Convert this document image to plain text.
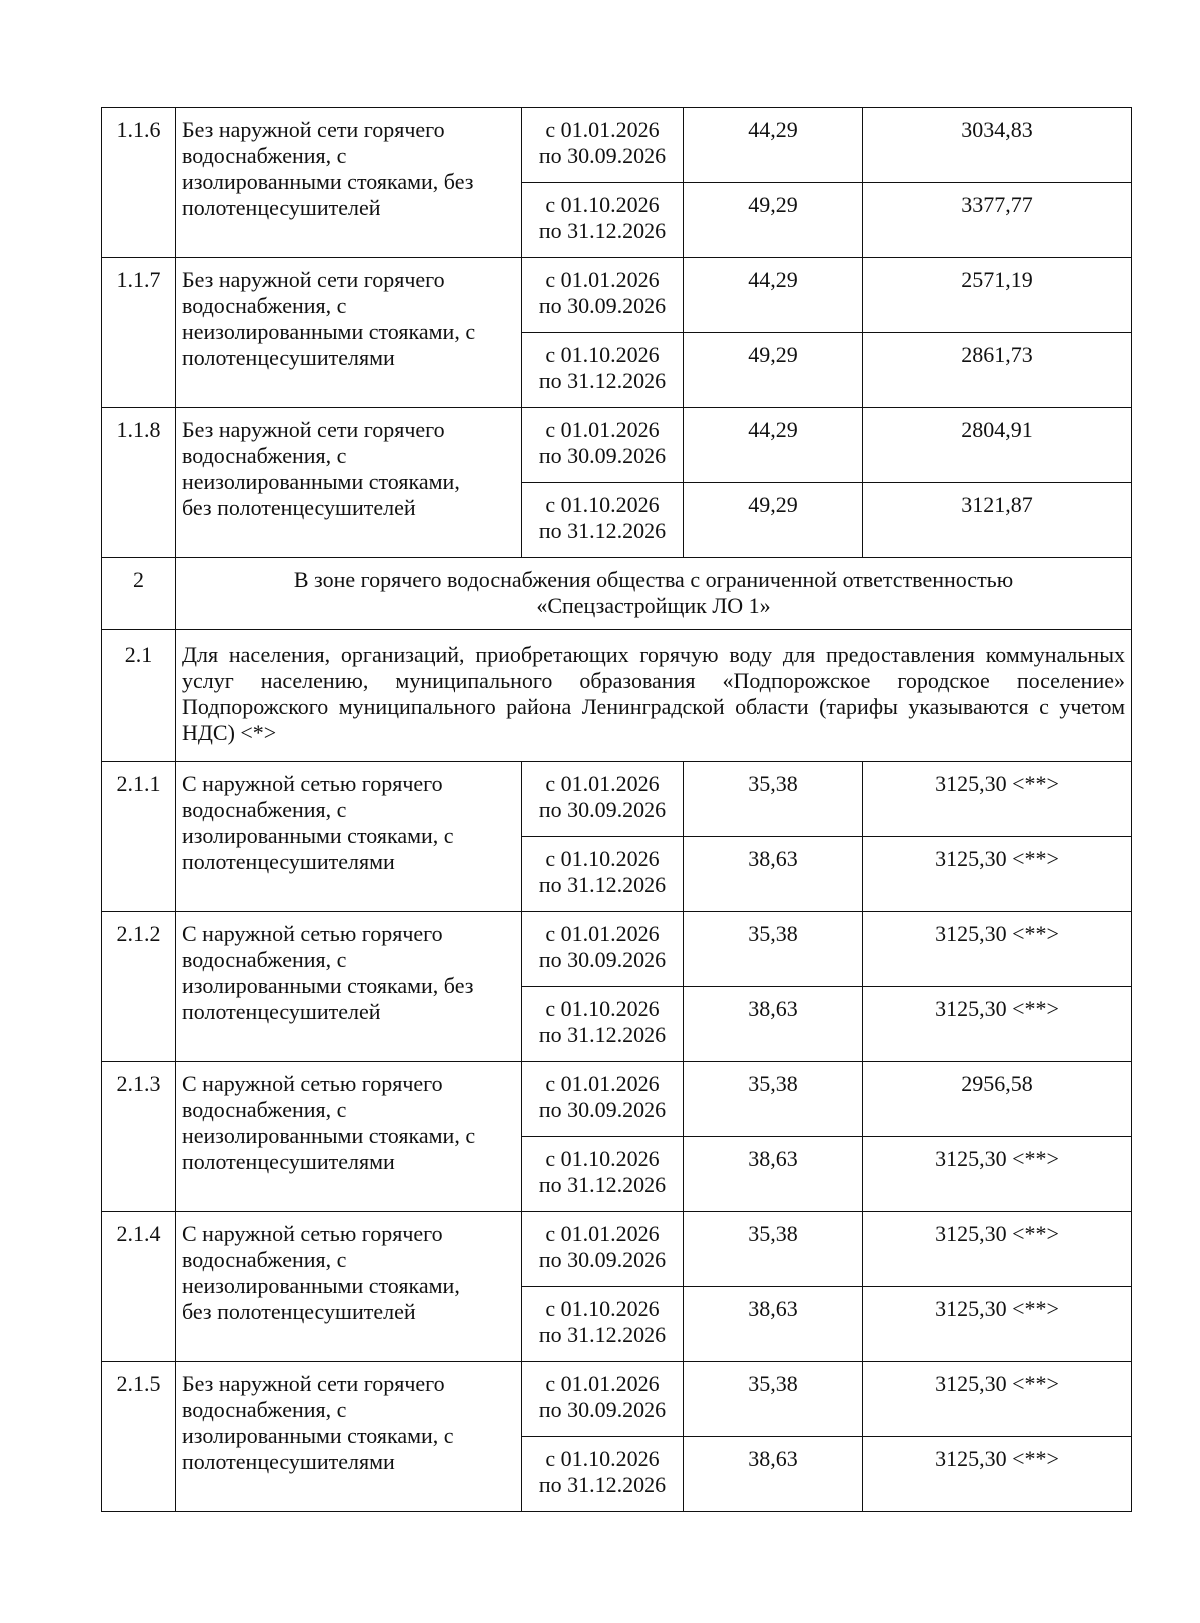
1.1.6	Без наружной сети горячего
водоснабжения, с
изолированными стояками, без
полотенцесушителей	с 01.01.2026
по 30.09.2026	44,29	3034,83

		с 01.10.2026
по 31.12.2026	49,29	3377,77
1.1.7	Без наружной сети горячего
водоснабжения, с
неизолированными стояками, с
полотенцесушителями	с 01.01.2026
по 30.09.2026	44,29	2571,19

		с 01.10.2026
по 31.12.2026	49,29	2861,73
1.1.8	Без наружной сети горячего
водоснабжения, с
неизолированными стояками,
без полотенцесушителей	с 01.01.2026
по 30.09.2026	44,29	2804,91

		с 01.10.2026
по 31.12.2026	49,29	3121,87
2	В зоне горячего водоснабжения общества с ограниченной ответственностью
«Спецзастройщик ЛО 1»			

2.1	Для населения, организаций, приобретающих горячую воду для предоставления коммунальных услуг населению, муниципального образования «Подпорожское городское поселение» Подпорожского муниципального района Ленинградской области (тарифы указываются с учетом НДС) <*>			
2.1.1	С наружной сетью горячего
водоснабжения, с
изолированными стояками, с
полотенцесушителями	с 01.01.2026
по 30.09.2026	35,38	3125,30 <**>

		с 01.10.2026
по 31.12.2026	38,63	3125,30 <**>
2.1.2	С наружной сетью горячего
водоснабжения, с
изолированными стояками, без
полотенцесушителей	с 01.01.2026
по 30.09.2026	35,38	3125,30 <**>

		с 01.10.2026
по 31.12.2026	38,63	3125,30 <**>
2.1.3	С наружной сетью горячего
водоснабжения, с
неизолированными стояками, с
полотенцесушителями	с 01.01.2026
по 30.09.2026	35,38	2956,58

		с 01.10.2026
по 31.12.2026	38,63	3125,30 <**>
2.1.4	С наружной сетью горячего
водоснабжения, с
неизолированными стояками,
без полотенцесушителей	с 01.01.2026
по 30.09.2026	35,38	3125,30 <**>

		с 01.10.2026
по 31.12.2026	38,63	3125,30 <**>
2.1.5	Без наружной сети горячего
водоснабжения, с
изолированными стояками, с
полотенцесушителями	с 01.01.2026
по 30.09.2026	35,38	3125,30 <**>

		с 01.10.2026
по 31.12.2026	38,63	3125,30 <**>
